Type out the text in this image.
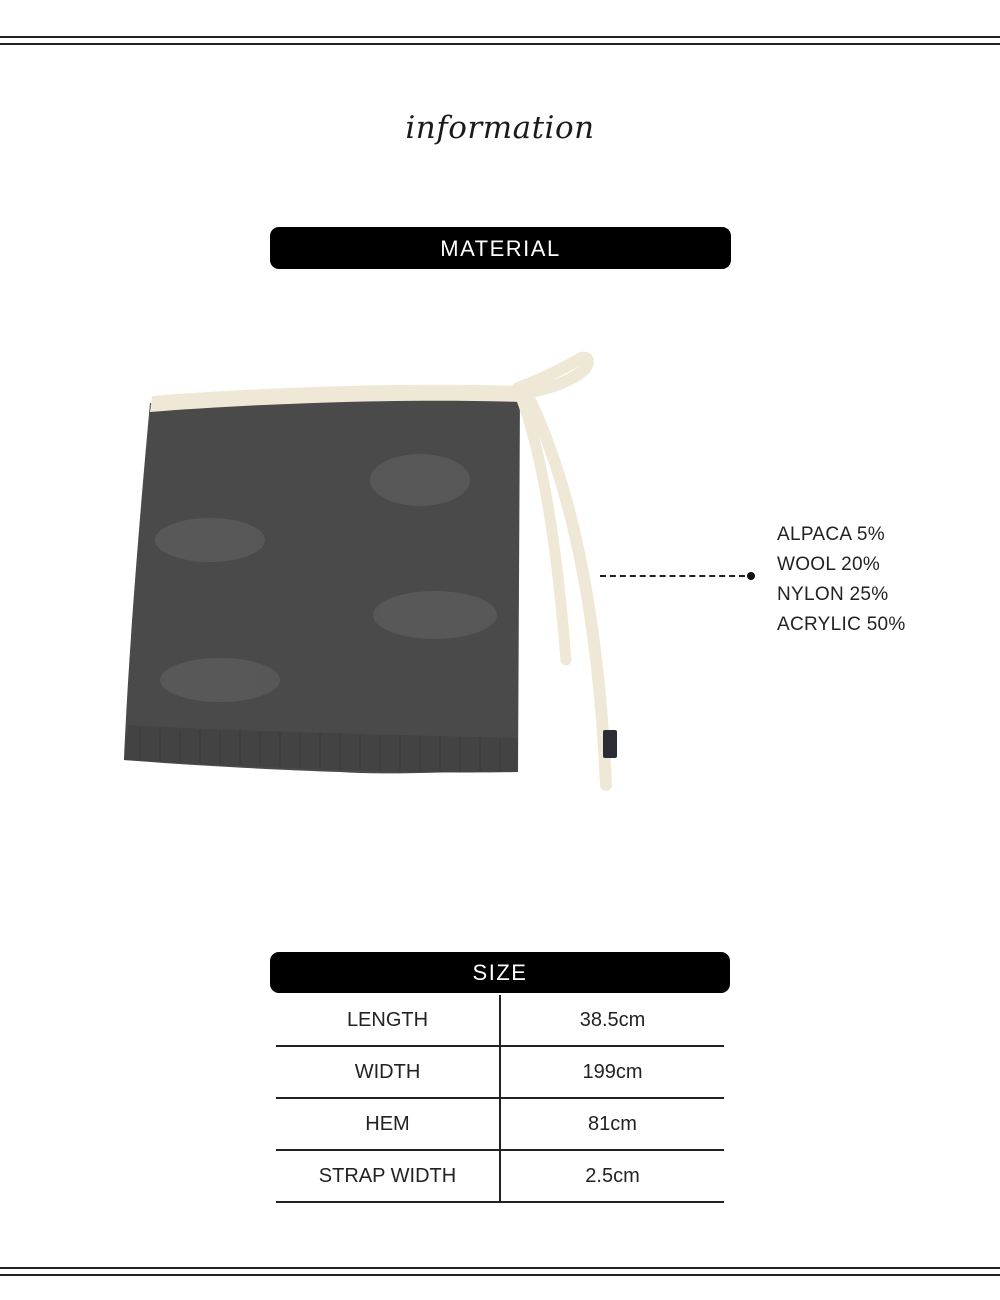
information
MATERIAL
ALPACA 5%
WOOL 20%
NYLON 25%
ACRYLIC 50%
SIZE
LENGTH	38.5cm
WIDTH	199cm
HEM	81cm
STRAP WIDTH	2.5cm
